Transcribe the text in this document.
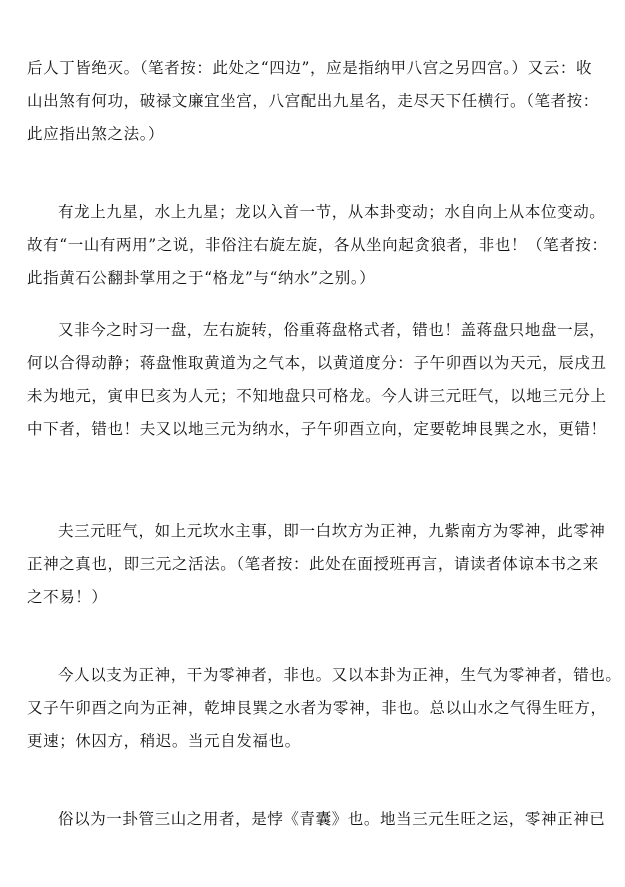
后人丁皆绝灭。（笔者按：此处之“四边”，应是指纳甲八宫之另四宫。）又云：收
山出煞有何功，破禄文廉宜坐宫，八宫配出九星名，走尽天下任横行。（笔者按：
此应指出煞之法。）

有龙上九星，水上九星；龙以入首一节，从本卦变动；水自向上从本位变动。
故有“一山有两用”之说，非俗注右旋左旋，各从坐向起贪狼者，非也！（笔者按：
此指黄石公翻卦掌用之于“格龙”与“纳水”之别。）

又非今之时习一盘，左右旋转，俗重蒋盘格式者，错也！盖蒋盘只地盘一层，
何以合得动静；蒋盘惟取黄道为之气本，以黄道度分：子午卯酉以为天元，辰戌丑
未为地元，寅申巳亥为人元；不知地盘只可格龙。今人讲三元旺气，以地三元分上
中下者，错也！夫又以地三元为纳水，子午卯酉立向，定要乾坤艮巽之水，更错！

夫三元旺气，如上元坎水主事，即一白坎方为正神，九紫南方为零神，此零神
正神之真也，即三元之活法。（笔者按：此处在面授班再言，请读者体谅本书之来
之不易！）

今人以支为正神，干为零神者，非也。又以本卦为正神，生气为零神者，错也。
又子午卯酉之向为正神，乾坤艮巽之水者为零神，非也。总以山水之气得生旺方，
更速；休囚方，稍迟。当元自发福也。

俗以为一卦管三山之用者，是悖《青囊》也。地当三元生旺之运，零神正神已
